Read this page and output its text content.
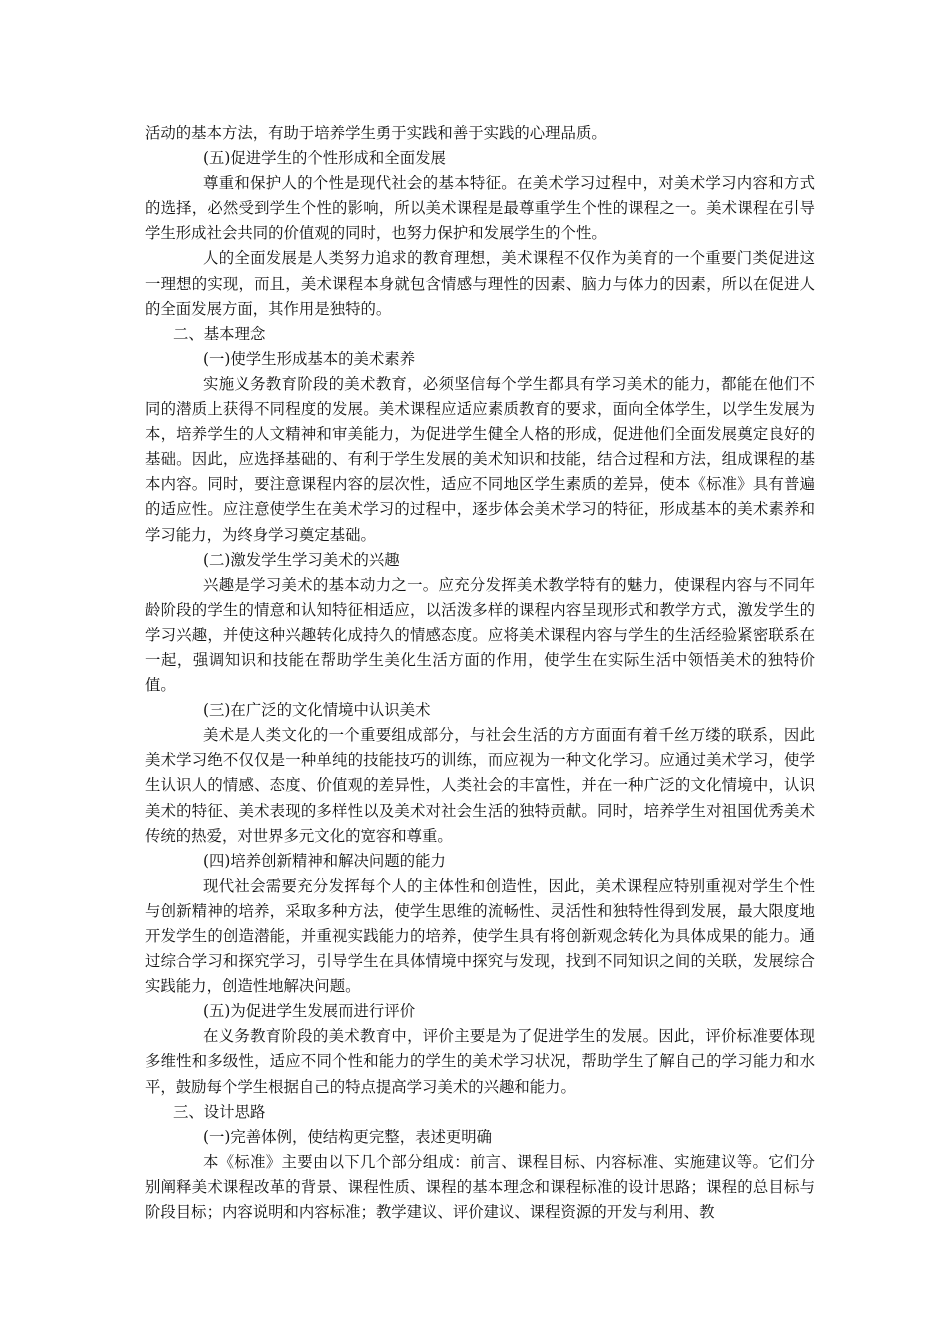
活动的基本方法，有助于培养学生勇于实践和善于实践的心理品质。

(五)促进学生的个性形成和全面发展

尊重和保护人的个性是现代社会的基本特征。在美术学习过程中，对美术学习内容和方式的选择，必然受到学生个性的影响，所以美术课程是最尊重学生个性的课程之一。美术课程在引导学生形成社会共同的价值观的同时，也努力保护和发展学生的个性。

人的全面发展是人类努力追求的教育理想，美术课程不仅作为美育的一个重要门类促进这一理想的实现，而且，美术课程本身就包含情感与理性的因素、脑力与体力的因素，所以在促进人的全面发展方面，其作用是独特的。

二、基本理念

(一)使学生形成基本的美术素养

实施义务教育阶段的美术教育，必须坚信每个学生都具有学习美术的能力，都能在他们不同的潜质上获得不同程度的发展。美术课程应适应素质教育的要求，面向全体学生，以学生发展为本，培养学生的人文精神和审美能力，为促进学生健全人格的形成，促进他们全面发展奠定良好的基础。因此，应选择基础的、有利于学生发展的美术知识和技能，结合过程和方法，组成课程的基本内容。同时，要注意课程内容的层次性，适应不同地区学生素质的差异，使本《标准》具有普遍的适应性。应注意使学生在美术学习的过程中，逐步体会美术学习的特征，形成基本的美术素养和学习能力，为终身学习奠定基础。

(二)激发学生学习美术的兴趣

兴趣是学习美术的基本动力之一。应充分发挥美术教学特有的魅力，使课程内容与不同年龄阶段的学生的情意和认知特征相适应，以活泼多样的课程内容呈现形式和教学方式，激发学生的学习兴趣，并使这种兴趣转化成持久的情感态度。应将美术课程内容与学生的生活经验紧密联系在一起，强调知识和技能在帮助学生美化生活方面的作用，使学生在实际生活中领悟美术的独特价值。

(三)在广泛的文化情境中认识美术

美术是人类文化的一个重要组成部分，与社会生活的方方面面有着千丝万缕的联系，因此美术学习绝不仅仅是一种单纯的技能技巧的训练，而应视为一种文化学习。应通过美术学习，使学生认识人的情感、态度、价值观的差异性，人类社会的丰富性，并在一种广泛的文化情境中，认识美术的特征、美术表现的多样性以及美术对社会生活的独特贡献。同时，培养学生对祖国优秀美术传统的热爱，对世界多元文化的宽容和尊重。

(四)培养创新精神和解决问题的能力

现代社会需要充分发挥每个人的主体性和创造性，因此，美术课程应特别重视对学生个性与创新精神的培养，采取多种方法，使学生思维的流畅性、灵活性和独特性得到发展，最大限度地开发学生的创造潜能，并重视实践能力的培养，使学生具有将创新观念转化为具体成果的能力。通过综合学习和探究学习，引导学生在具体情境中探究与发现，找到不同知识之间的关联，发展综合实践能力，创造性地解决问题。

(五)为促进学生发展而进行评价

在义务教育阶段的美术教育中，评价主要是为了促进学生的发展。因此，评价标准要体现多维性和多级性，适应不同个性和能力的学生的美术学习状况，帮助学生了解自己的学习能力和水平，鼓励每个学生根据自己的特点提高学习美术的兴趣和能力。

三、设计思路

(一)完善体例，使结构更完整，表述更明确

本《标准》主要由以下几个部分组成：前言、课程目标、内容标准、实施建议等。它们分别阐释美术课程改革的背景、课程性质、课程的基本理念和课程标准的设计思路；课程的总目标与阶段目标；内容说明和内容标准；教学建议、评价建议、课程资源的开发与利用、教
